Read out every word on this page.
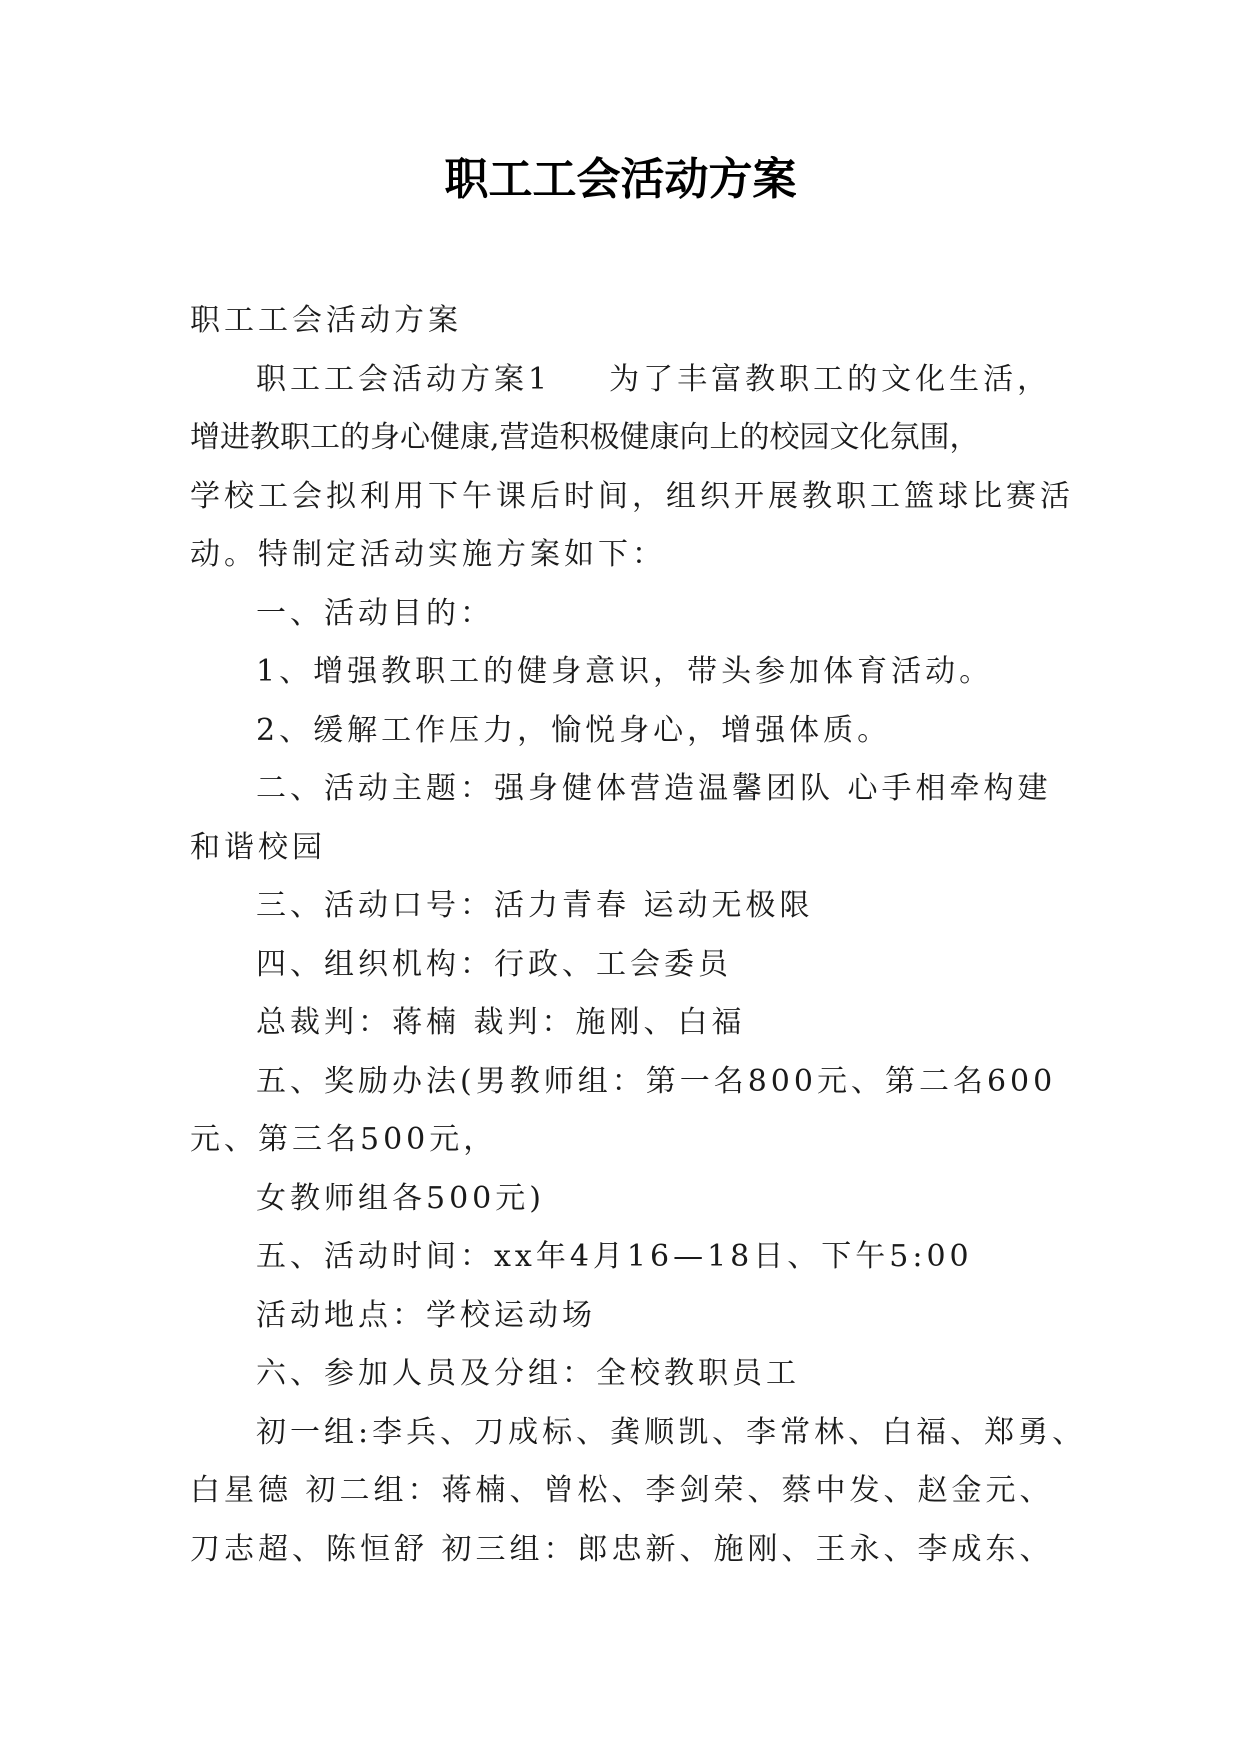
职工工会活动方案

职工工会活动方案

职工工会活动方案1 为了丰富教职工的文化生活，

增进教职工的身心健康,营造积极健康向上的校园文化氛围，

学校工会拟利用下午课后时间，组织开展教职工篮球比赛活

动。特制定活动实施方案如下：

一、活动目的：

1、增强教职工的健身意识，带头参加体育活动。

2、缓解工作压力，愉悦身心，增强体质。

二、活动主题：强身健体营造温馨团队 心手相牵构建

和谐校园

三、活动口号：活力青春 运动无极限

四、组织机构：行政、工会委员

总裁判：蒋楠 裁判：施刚、白福

五、奖励办法(男教师组：第一名800元、第二名600

元、第三名500元，

女教师组各500元)

五、活动时间：xx年4月16—18日、下午5:00

活动地点：学校运动场

六、参加人员及分组：全校教职员工

初一组:李兵、刀成标、龚顺凯、李常林、白福、郑勇、

白星德 初二组：蒋楠、曾松、李剑荣、蔡中发、赵金元、

刀志超、陈恒舒 初三组：郎忠新、施刚、王永、李成东、
